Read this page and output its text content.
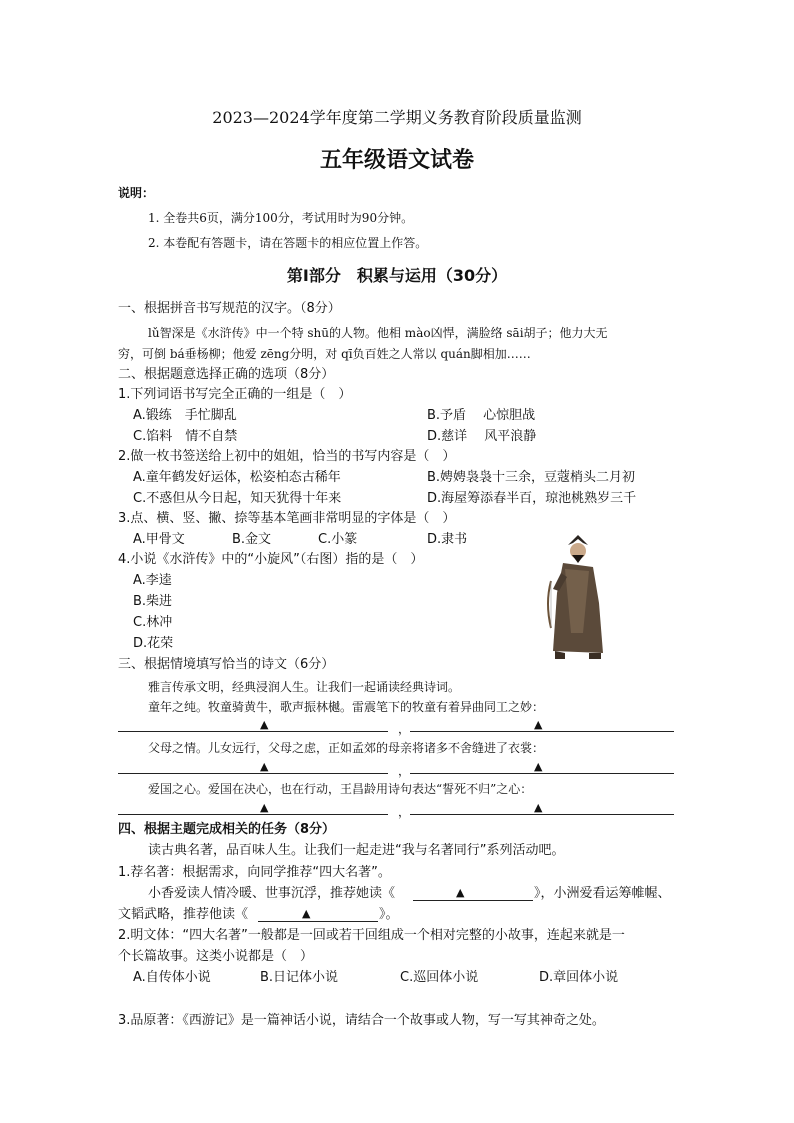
2023—2024学年度第二学期义务教育阶段质量监测
五年级语文试卷
说明：
1. 全卷共6页，满分100分，考试用时为90分钟。
2. 本卷配有答题卡，请在答题卡的相应位置上作答。
第Ⅰ部分　积累与运用（30分）
一、根据拼音书写规范的汉字。（8分）
lǔ智深是《水浒传》中一个特 shū的人物。他相 mào凶悍，满脸络 sāi胡子；他力大无
穷，可倒 bá垂杨柳；他爱 zēng分明，对 qī负百姓之人常以 quán脚相加……
二、根据题意选择正确的选项（8分）
1.下列词语书写完全正确的一组是（　）
A.锻练　手忙脚乱	B.予盾　 心惊胆战
C.馅料　情不自禁	D.慈详　 风平浪静
2.做一枚书签送给上初中的姐姐，恰当的书写内容是（　）
A.童年鹤发好运体，松姿柏态古稀年	B.娉娉袅袅十三余，豆蔻梢头二月初
C.不惑但从今日起，知天犹得十年来	D.海屋筹添春半百，琼池桃熟岁三千
3.点、横、竖、撇、捺等基本笔画非常明显的字体是（　）
A.甲骨文	B.金文	C.小篆	D.隶书
4.小说《水浒传》中的“小旋风”（右图）指的是（　）
A.李逵
B.柴进
C.林冲
D.花荣
三、根据情境填写恰当的诗文（6分）
雅言传承文明，经典浸润人生。让我们一起诵读经典诗词。
童年之纯。牧童骑黄牛，歌声振林樾。雷震笔下的牧童有着异曲同工之妙：
▲	，	▲
父母之情。儿女远行，父母之虑，正如孟郊的母亲将诸多不舍缝进了衣裳：
▲	，	▲
爱国之心。爱国在决心，也在行动，王昌龄用诗句表达“誓死不归”之心：
▲	，	▲
四、根据主题完成相关的任务（8分）
读古典名著，品百味人生。让我们一起走进“我与名著同行”系列活动吧。
1.荐名著：根据需求，向同学推荐“四大名著”。
小香爱读人情冷暖、世事沉浮，推荐她读《	▲	》，小洲爱看运筹帷幄、
文韬武略，推荐他读《	▲	》。
2.明文体：“四大名著”一般都是一回或若干回组成一个相对完整的小故事，连起来就是一
个长篇故事。这类小说都是（　）
A.自传体小说	B.日记体小说	C.巡回体小说	D.章回体小说
3.品原著：《西游记》是一篇神话小说，请结合一个故事或人物，写一写其神奇之处。
